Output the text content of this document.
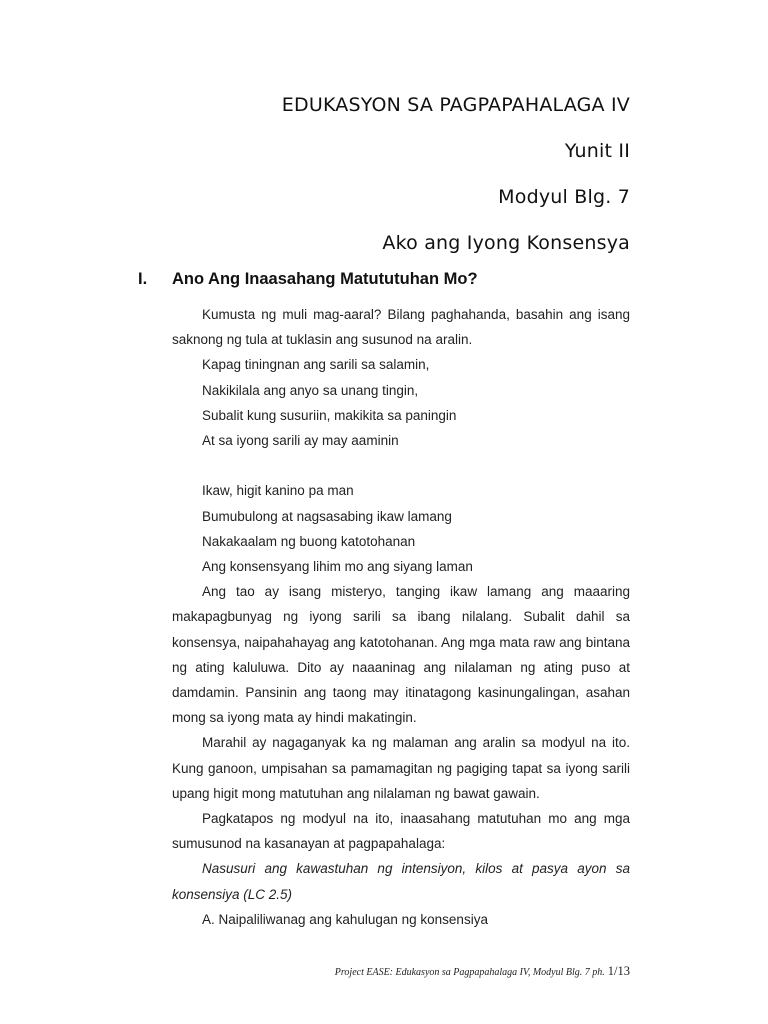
EDUKASYON SA PAGPAPAHALAGA IV
Yunit II
Modyul Blg. 7
Ako ang Iyong Konsensya
I. Ano Ang Inaasahang Matututuhan Mo?

Kumusta ng muli mag-aaral? Bilang paghahanda, basahin ang isang saknong ng tula at tuklasin ang susunod na aralin.

Kapag tiningnan ang sarili sa salamin,
Nakikilala ang anyo sa unang tingin,
Subalit kung susuriin, makikita sa paningin
At sa iyong sarili ay may aaminin
Ikaw, higit kanino pa man
Bumubulong at nagsasabing ikaw lamang
Nakakaalam ng buong katotohanan
Ang konsensyang lihim mo ang siyang laman

Ang tao ay isang misteryo, tanging ikaw lamang ang maaaring makapagbunyag ng iyong sarili sa ibang nilalang. Subalit dahil sa konsensya, naipahahayag ang katotohanan. Ang mga mata raw ang bintana ng ating kaluluwa. Dito ay naaaninag ang nilalaman ng ating puso at damdamin. Pansinin ang taong may itinatagong kasinungalingan, asahan mong sa iyong mata ay hindi makatingin.

Marahil ay nagaganyak ka ng malaman ang aralin sa modyul na ito. Kung ganoon, umpisahan sa pamamagitan ng pagiging tapat sa iyong sarili upang higit mong matutuhan ang nilalaman ng bawat gawain.

Pagkatapos ng modyul na ito, inaasahang matutuhan mo ang mga sumusunod na kasanayan at pagpapahalaga:

Nasusuri ang kawastuhan ng intensiyon, kilos at pasya ayon sa
konsensiya (LC 2.5)
A. Naipaliliwanag ang kahulugan ng konsensiya
Project EASE: Edukasyon sa Pagpapahalaga IV, Modyul Blg. 7 ph. 1/13
